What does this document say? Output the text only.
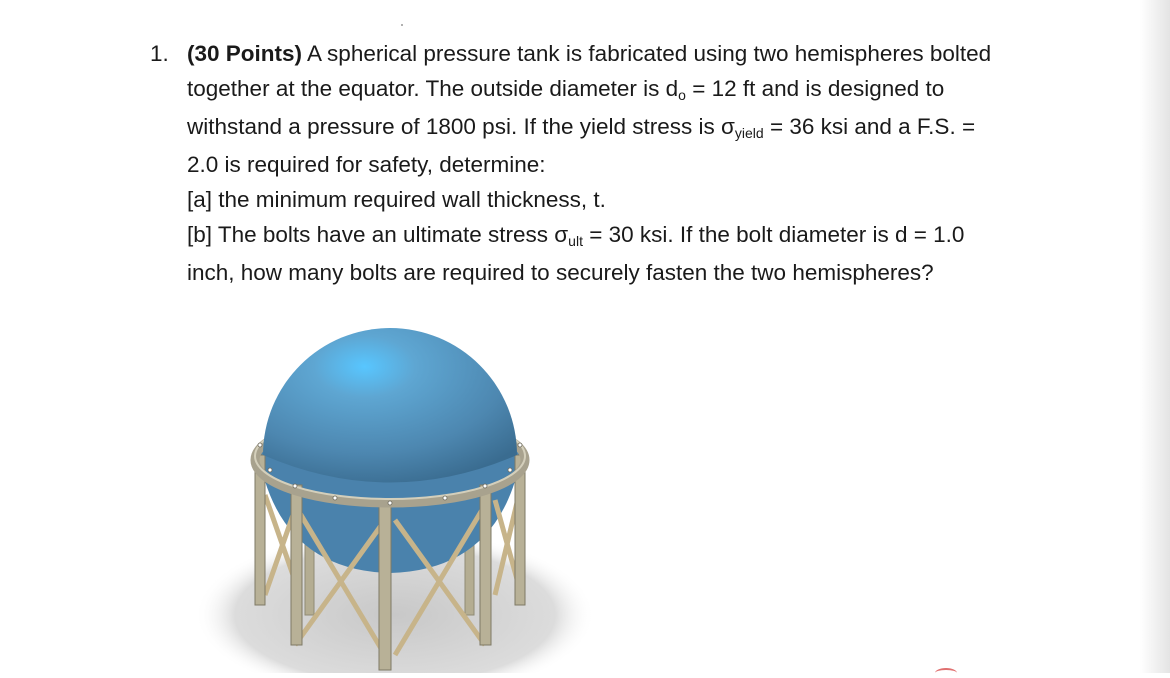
1. (30 Points) A spherical pressure tank is fabricated using two hemispheres bolted
together at the equator. The outside diameter is do = 12 ft and is designed to
withstand a pressure of 1800 psi. If the yield stress is σyield = 36 ksi and a F.S. =
2.0 is required for safety, determine:
[a] the minimum required wall thickness, t.
[b] The bolts have an ultimate stress σult = 30 ksi. If the bolt diameter is d = 1.0
inch, how many bolts are required to securely fasten the two hemispheres?
